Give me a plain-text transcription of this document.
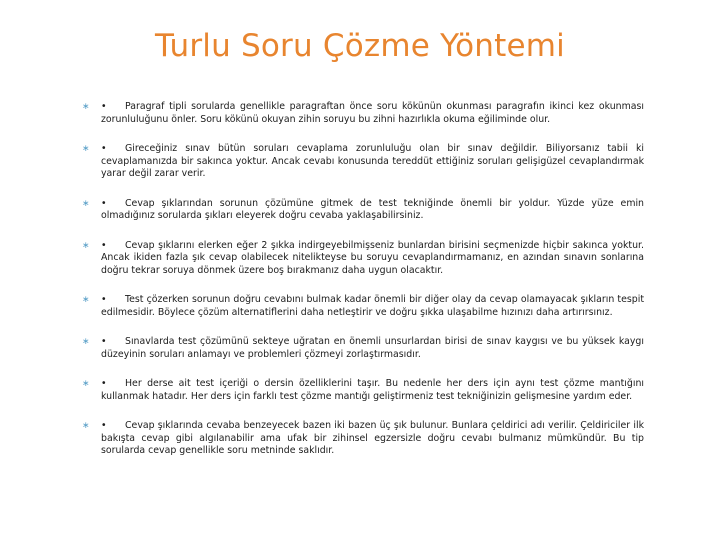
Turlu Soru Çözme Yöntemi
∗ • Paragraf tipli sorularda genellikle paragraftan önce soru kökünün okunması paragrafın ikinci kez okunması zorunluluğunu önler. Soru kökünü okuyan zihin soruyu bu zihni hazırlıkla okuma eğiliminde olur.
∗ • Gireceğiniz sınav bütün soruları cevaplama zorunluluğu olan bir sınav değildir. Biliyorsanız tabii ki cevaplamanızda bir sakınca yoktur. Ancak cevabı konusunda tereddüt ettiğiniz soruları gelişigüzel cevaplandırmak yarar değil zarar verir.
∗ • Cevap şıklarından sorunun çözümüne gitmek de test tekniğinde önemli bir yoldur. Yüzde yüze emin olmadığınız sorularda şıkları eleyerek doğru cevaba yaklaşabilirsiniz.
∗ • Cevap şıklarını elerken eğer 2 şıkka indirgeyebilmişseniz bunlardan birisini seçmenizde hiçbir sakınca yoktur. Ancak ikiden fazla şık cevap olabilecek nitelikteyse bu soruyu cevaplandırmamanız, en azından sınavın sonlarına doğru tekrar soruya dönmek üzere boş bırakmanız daha uygun olacaktır.
∗ • Test çözerken sorunun doğru cevabını bulmak kadar önemli bir diğer olay da cevap olamayacak şıkların tespit edilmesidir. Böylece çözüm alternatiflerini daha netleştirir ve doğru şıkka ulaşabilme hızınızı daha artırırsınız.
∗ • Sınavlarda test çözümünü sekteye uğratan en önemli unsurlardan birisi de sınav kaygısı ve bu yüksek kaygı düzeyinin soruları anlamayı ve problemleri çözmeyi zorlaştırmasıdır.
∗ • Her derse ait test içeriği o dersin özelliklerini taşır. Bu nedenle her ders için aynı test çözme mantığını kullanmak hatadır. Her ders için farklı test çözme mantığı geliştirmeniz test tekniğinizin gelişmesine yardım eder.
∗ • Cevap şıklarında cevaba benzeyecek bazen iki bazen üç şık bulunur. Bunlara çeldirici adı verilir. Çeldiriciler ilk bakışta cevap gibi algılanabilir ama ufak bir zihinsel egzersizle doğru cevabı bulmanız mümkündür. Bu tip sorularda cevap genellikle soru metninde saklıdır.
